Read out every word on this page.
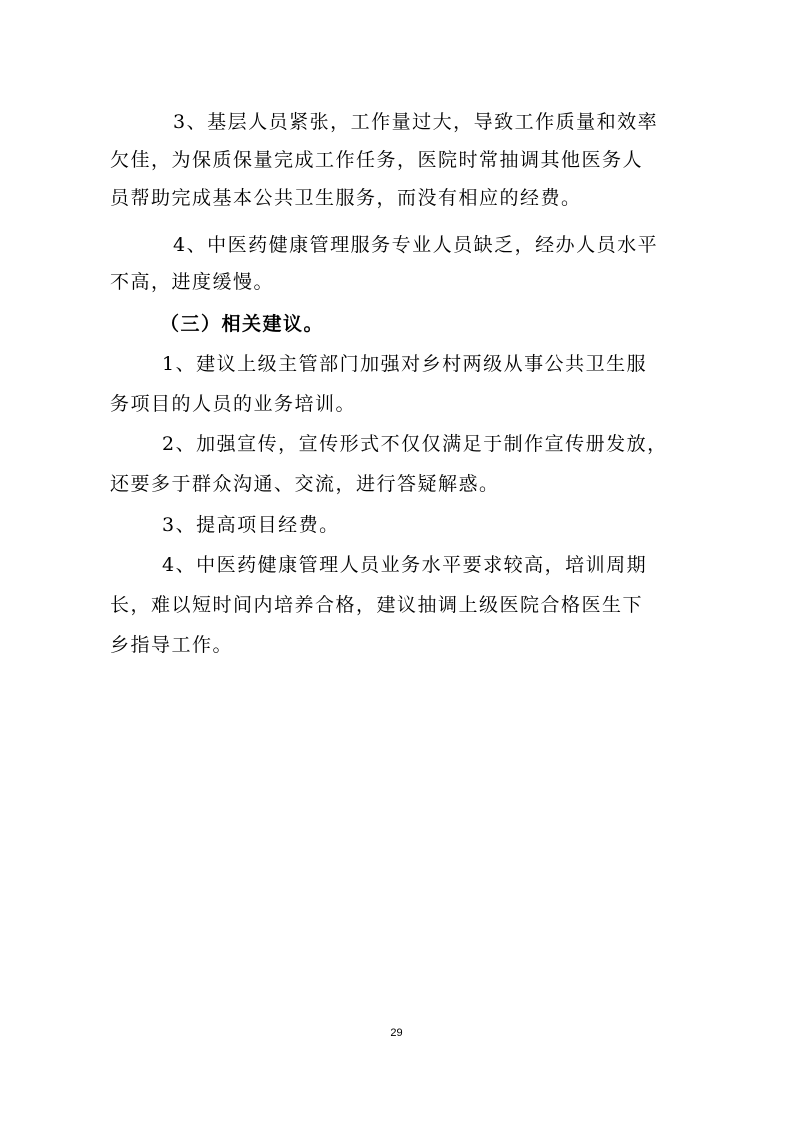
3、基层人员紧张，工作量过大，导致工作质量和效率
欠佳，为保质保量完成工作任务，医院时常抽调其他医务人
员帮助完成基本公共卫生服务，而没有相应的经费。
4、中医药健康管理服务专业人员缺乏，经办人员水平
不高，进度缓慢。
（三）相关建议。
1、建议上级主管部门加强对乡村两级从事公共卫生服
务项目的人员的业务培训。
2、加强宣传，宣传形式不仅仅满足于制作宣传册发放，
还要多于群众沟通、交流，进行答疑解惑。
3、提高项目经费。
4、中医药健康管理人员业务水平要求较高，培训周期
长，难以短时间内培养合格，建议抽调上级医院合格医生下
乡指导工作。
29
